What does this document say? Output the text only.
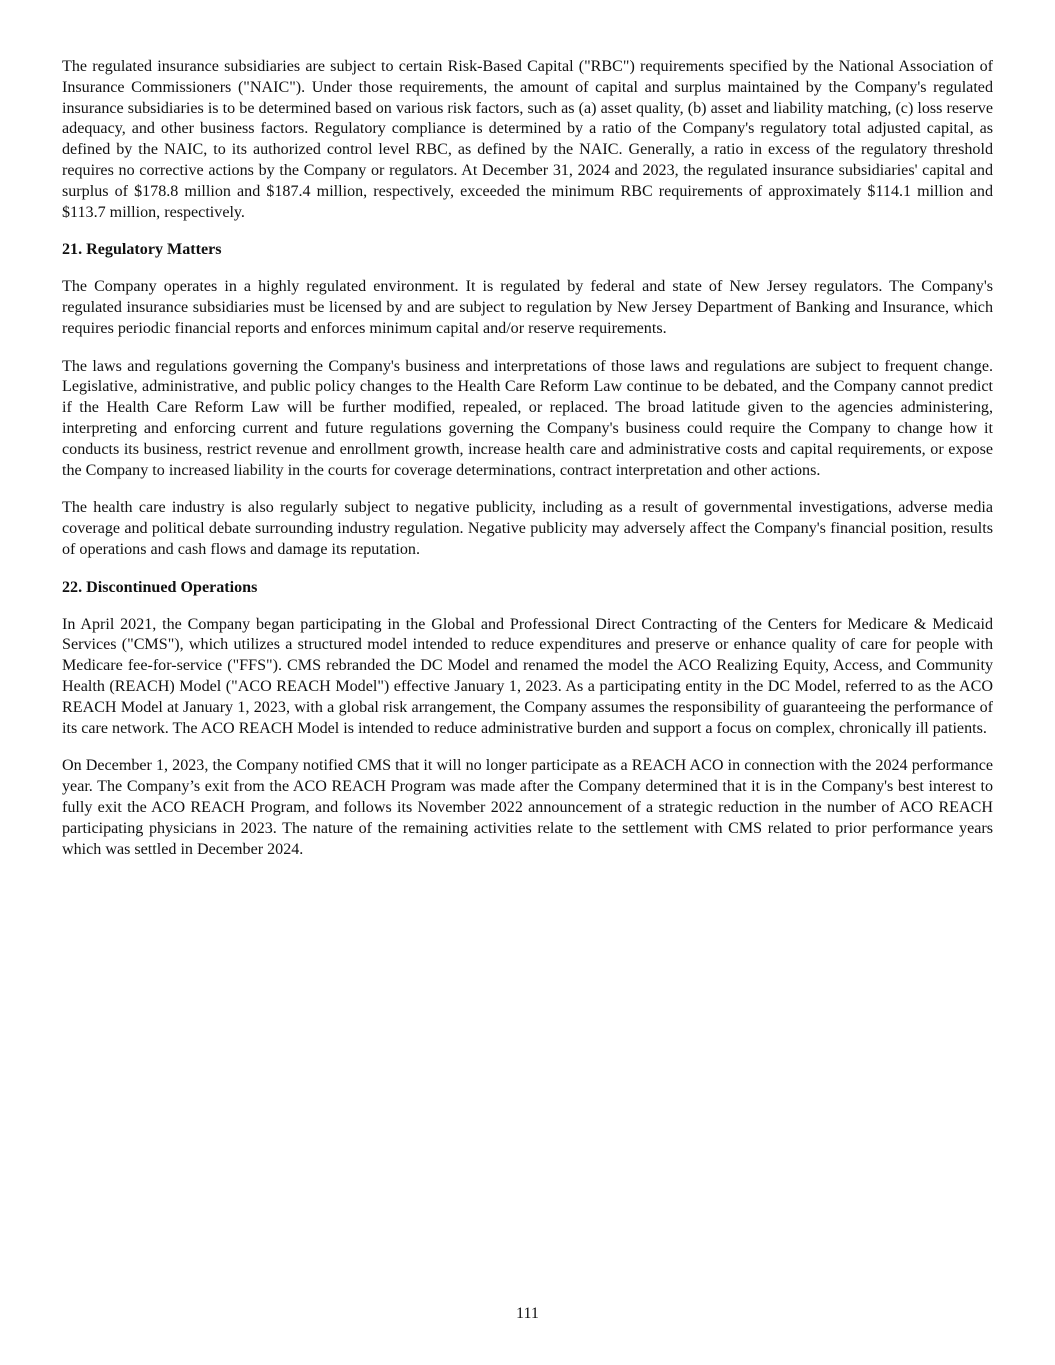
The regulated insurance subsidiaries are subject to certain Risk-Based Capital ("RBC") requirements specified by the National Association of Insurance Commissioners ("NAIC"). Under those requirements, the amount of capital and surplus maintained by the Company's regulated insurance subsidiaries is to be determined based on various risk factors, such as (a) asset quality, (b) asset and liability matching, (c) loss reserve adequacy, and other business factors. Regulatory compliance is determined by a ratio of the Company's regulatory total adjusted capital, as defined by the NAIC, to its authorized control level RBC, as defined by the NAIC. Generally, a ratio in excess of the regulatory threshold requires no corrective actions by the Company or regulators. At December 31, 2024 and 2023, the regulated insurance subsidiaries' capital and surplus of $178.8 million and $187.4 million, respectively, exceeded the minimum RBC requirements of approximately $114.1 million and $113.7 million, respectively.

21. Regulatory Matters

The Company operates in a highly regulated environment. It is regulated by federal and state of New Jersey regulators. The Company's regulated insurance subsidiaries must be licensed by and are subject to regulation by New Jersey Department of Banking and Insurance, which requires periodic financial reports and enforces minimum capital and/or reserve requirements.

The laws and regulations governing the Company's business and interpretations of those laws and regulations are subject to frequent change. Legislative, administrative, and public policy changes to the Health Care Reform Law continue to be debated, and the Company cannot predict if the Health Care Reform Law will be further modified, repealed, or replaced. The broad latitude given to the agencies administering, interpreting and enforcing current and future regulations governing the Company's business could require the Company to change how it conducts its business, restrict revenue and enrollment growth, increase health care and administrative costs and capital requirements, or expose the Company to increased liability in the courts for coverage determinations, contract interpretation and other actions.

The health care industry is also regularly subject to negative publicity, including as a result of governmental investigations, adverse media coverage and political debate surrounding industry regulation. Negative publicity may adversely affect the Company's financial position, results of operations and cash flows and damage its reputation.

22. Discontinued Operations

In April 2021, the Company began participating in the Global and Professional Direct Contracting of the Centers for Medicare & Medicaid Services ("CMS"), which utilizes a structured model intended to reduce expenditures and preserve or enhance quality of care for people with Medicare fee-for-service ("FFS"). CMS rebranded the DC Model and renamed the model the ACO Realizing Equity, Access, and Community Health (REACH) Model ("ACO REACH Model") effective January 1, 2023. As a participating entity in the DC Model, referred to as the ACO REACH Model at January 1, 2023, with a global risk arrangement, the Company assumes the responsibility of guaranteeing the performance of its care network. The ACO REACH Model is intended to reduce administrative burden and support a focus on complex, chronically ill patients.

On December 1, 2023, the Company notified CMS that it will no longer participate as a REACH ACO in connection with the 2024 performance year. The Company’s exit from the ACO REACH Program was made after the Company determined that it is in the Company's best interest to fully exit the ACO REACH Program, and follows its November 2022 announcement of a strategic reduction in the number of ACO REACH participating physicians in 2023. The nature of the remaining activities relate to the settlement with CMS related to prior performance years which was settled in December 2024.

111
